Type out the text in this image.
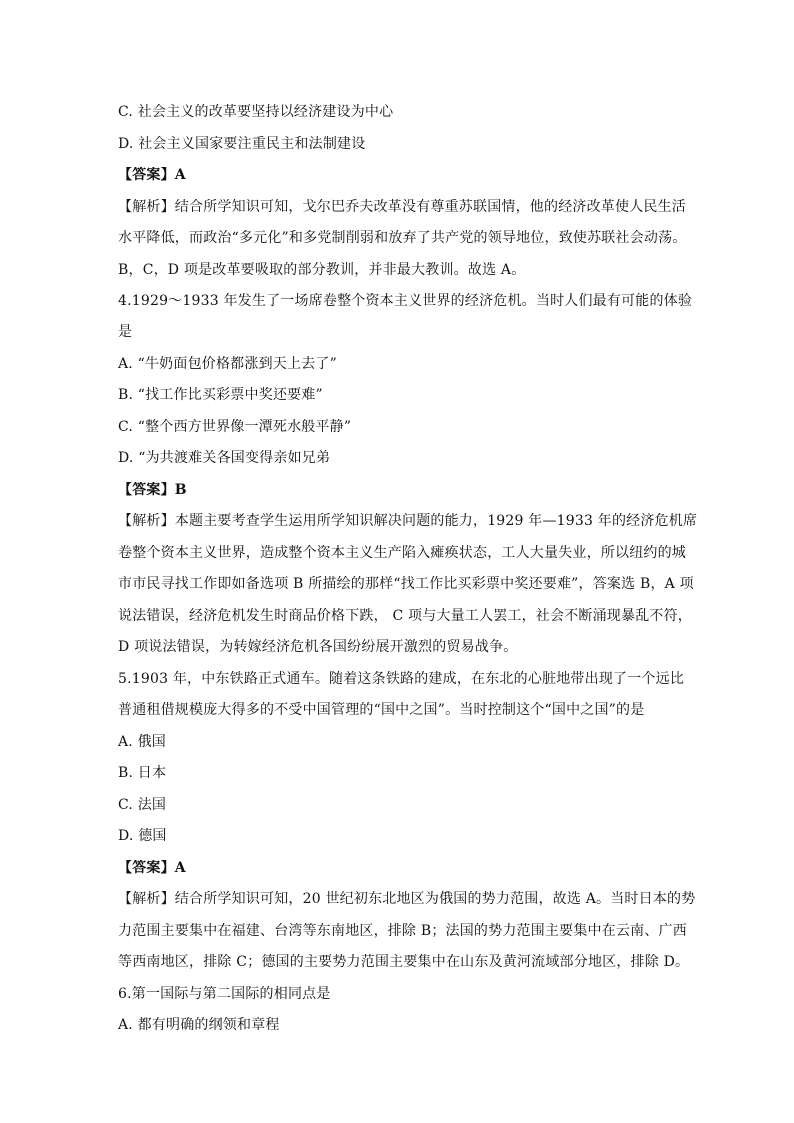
C. 社会主义的改革要坚持以经济建设为中心
D. 社会主义国家要注重民主和法制建设
【答案】A
【解析】结合所学知识可知，戈尔巴乔夫改革没有尊重苏联国情，他的经济改革使人民生活
水平降低，而政治“多元化”和多党制削弱和放弃了共产党的领导地位，致使苏联社会动荡。
B，C，D 项是改革要吸取的部分教训，并非最大教训。故选 A。
4.1929～1933 年发生了一场席卷整个资本主义世界的经济危机。当时人们最有可能的体验
是
A. “牛奶面包价格都涨到天上去了”
B. “找工作比买彩票中奖还要难”
C. “整个西方世界像一潭死水般平静”
D. “为共渡难关各国变得亲如兄弟
【答案】B
【解析】本题主要考查学生运用所学知识解决问题的能力，1929 年—1933 年的经济危机席
卷整个资本主义世界，造成整个资本主义生产陷入瘫痪状态，工人大量失业，所以纽约的城
市市民寻找工作即如备选项 B 所描绘的那样“找工作比买彩票中奖还要难”，答案选 B，A 项
说法错误，经济危机发生时商品价格下跌， C 项与大量工人罢工，社会不断涌现暴乱不符，
D 项说法错误，为转嫁经济危机各国纷纷展开激烈的贸易战争。
5.1903 年，中东铁路正式通车。随着这条铁路的建成，在东北的心脏地带出现了一个远比
普通租借规模庞大得多的不受中国管理的“国中之国”。当时控制这个“国中之国”的是
A. 俄国
B. 日本
C. 法国
D. 德国
【答案】A
【解析】结合所学知识可知，20 世纪初东北地区为俄国的势力范围，故选 A。当时日本的势
力范围主要集中在福建、台湾等东南地区，排除 B；法国的势力范围主要集中在云南、广西
等西南地区，排除 C；德国的主要势力范围主要集中在山东及黄河流域部分地区，排除 D。
6.第一国际与第二国际的相同点是
A. 都有明确的纲领和章程
